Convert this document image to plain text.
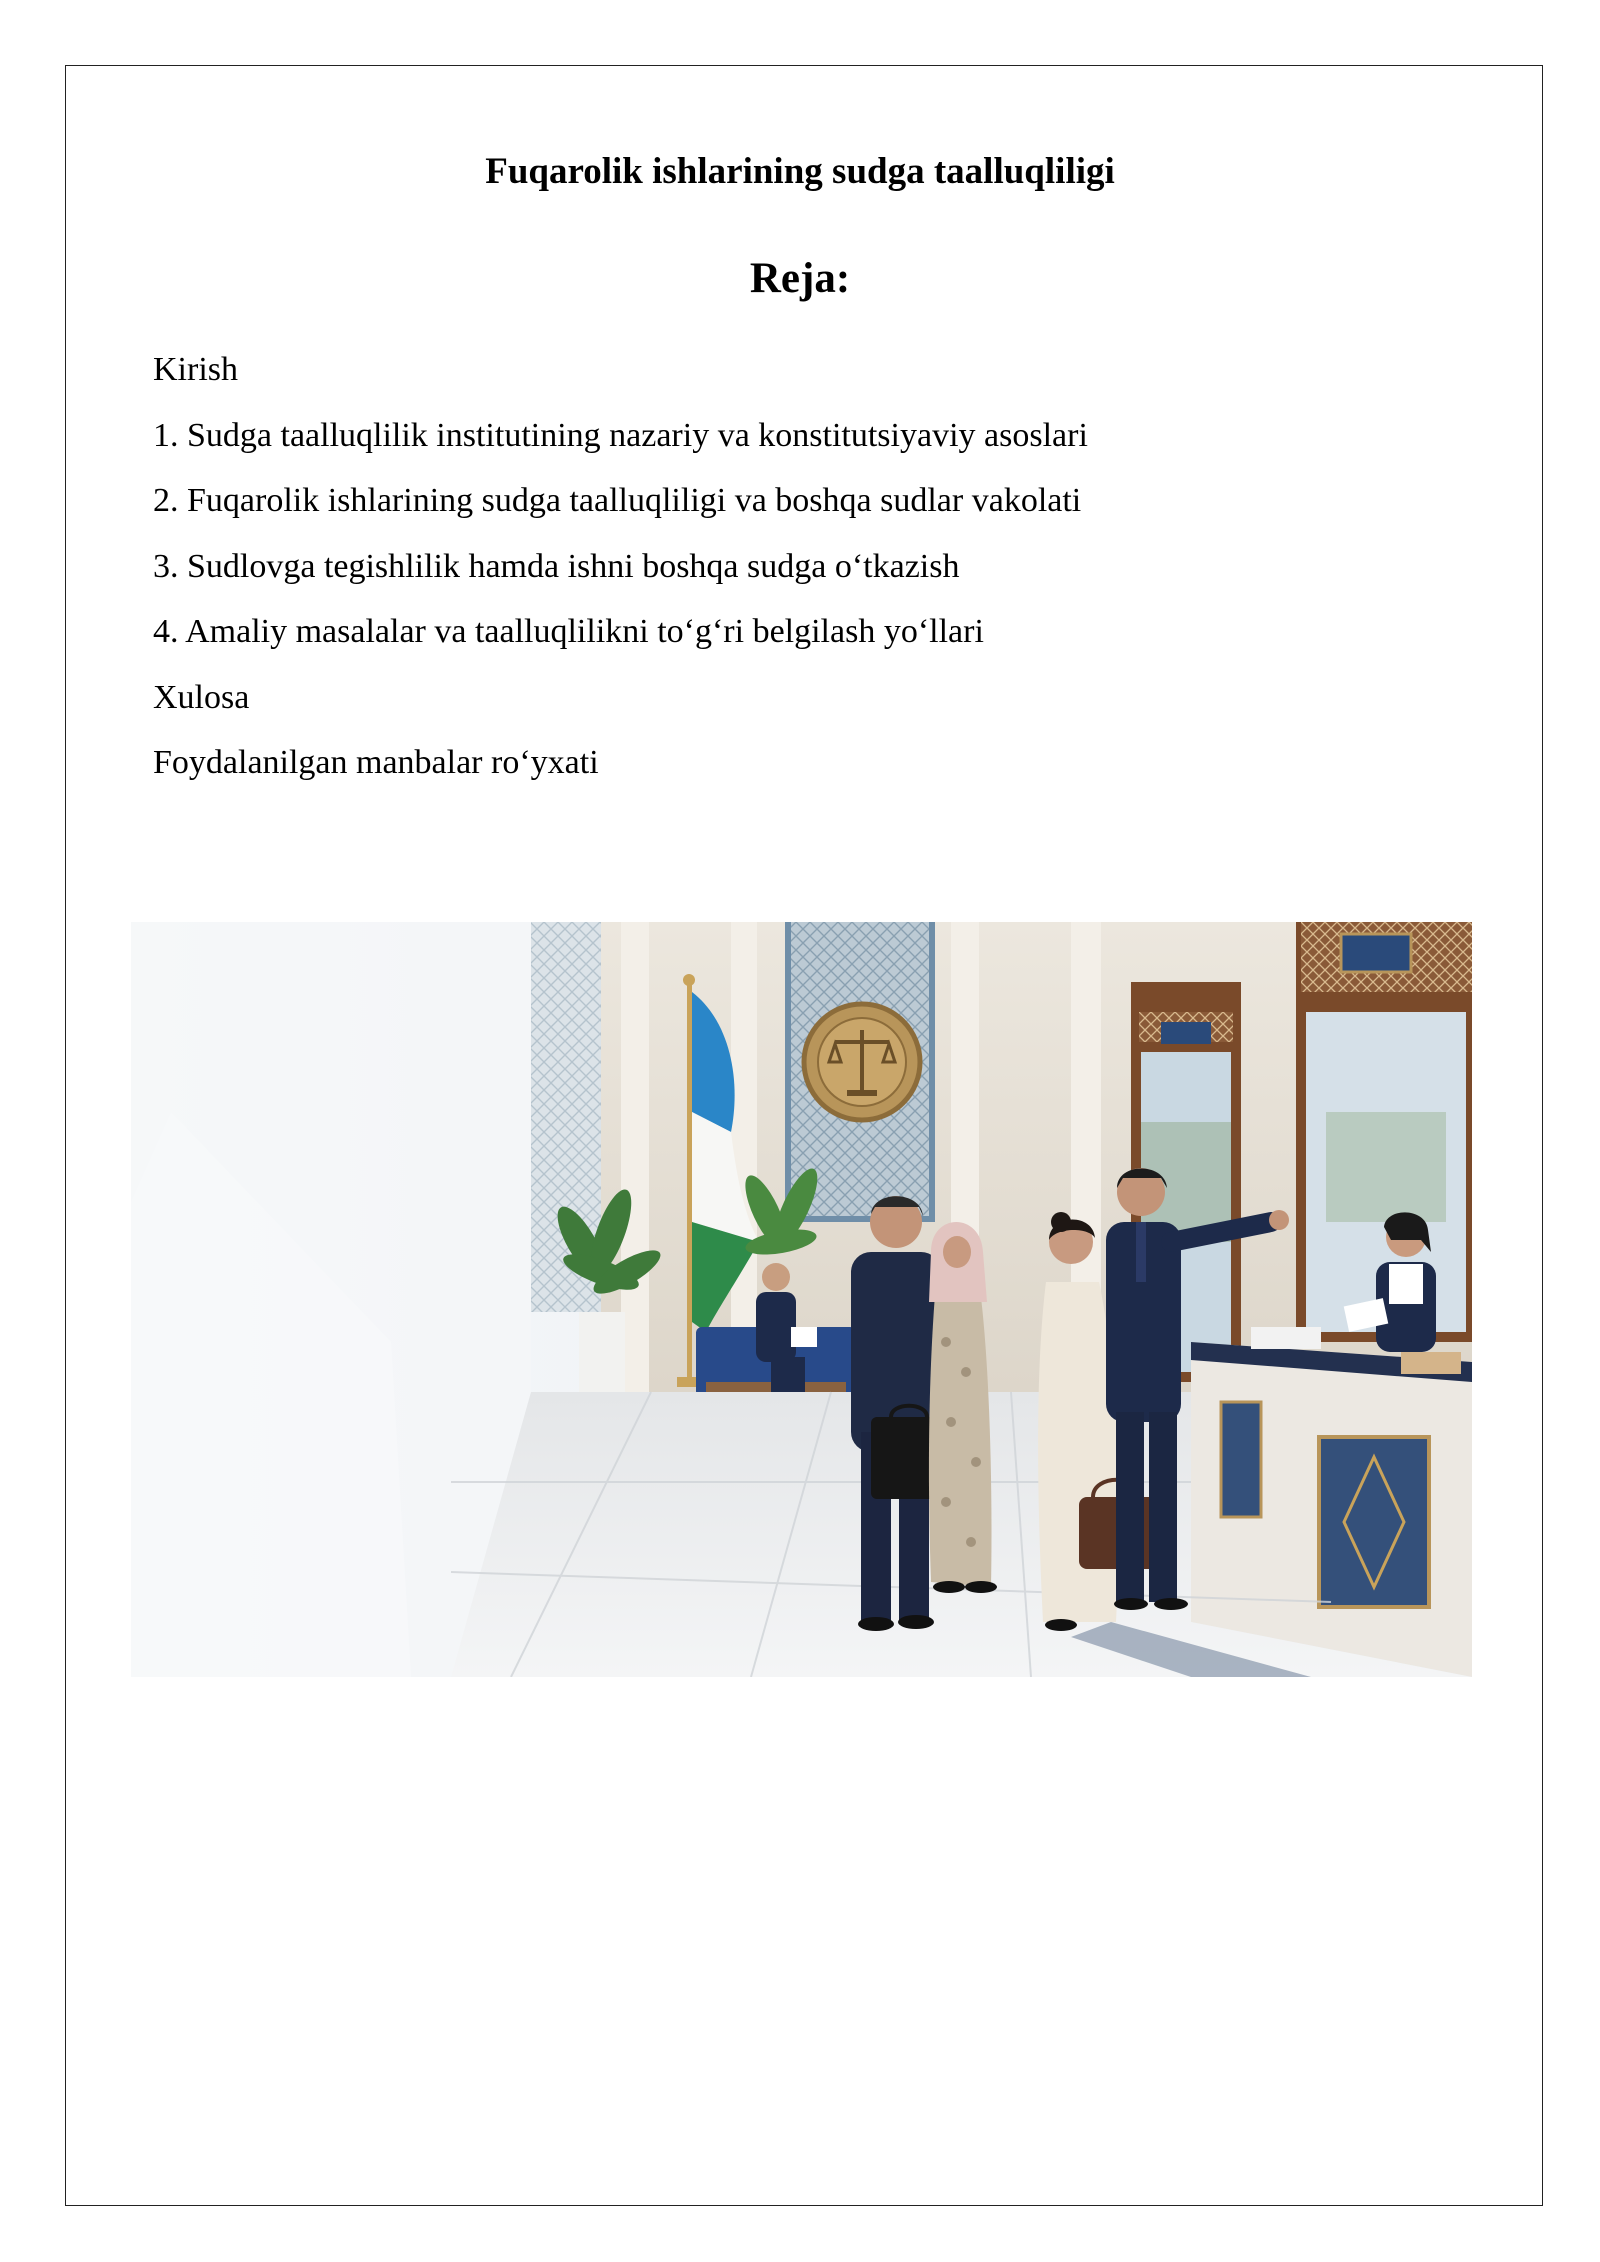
Fuqarolik ishlarining sudga taalluqliligi
Reja:
Kirish
1. Sudga taalluqlilik institutining nazariy va konstitutsiyaviy asoslari
2. Fuqarolik ishlarining sudga taalluqliligi va boshqa sudlar vakolati
3. Sudlovga tegishlilik hamda ishni boshqa sudga o‘tkazish
4. Amaliy masalalar va taalluqlilikni to‘g‘ri belgilash yo‘llari
Xulosa
Foydalanilgan manbalar ro‘yxati
